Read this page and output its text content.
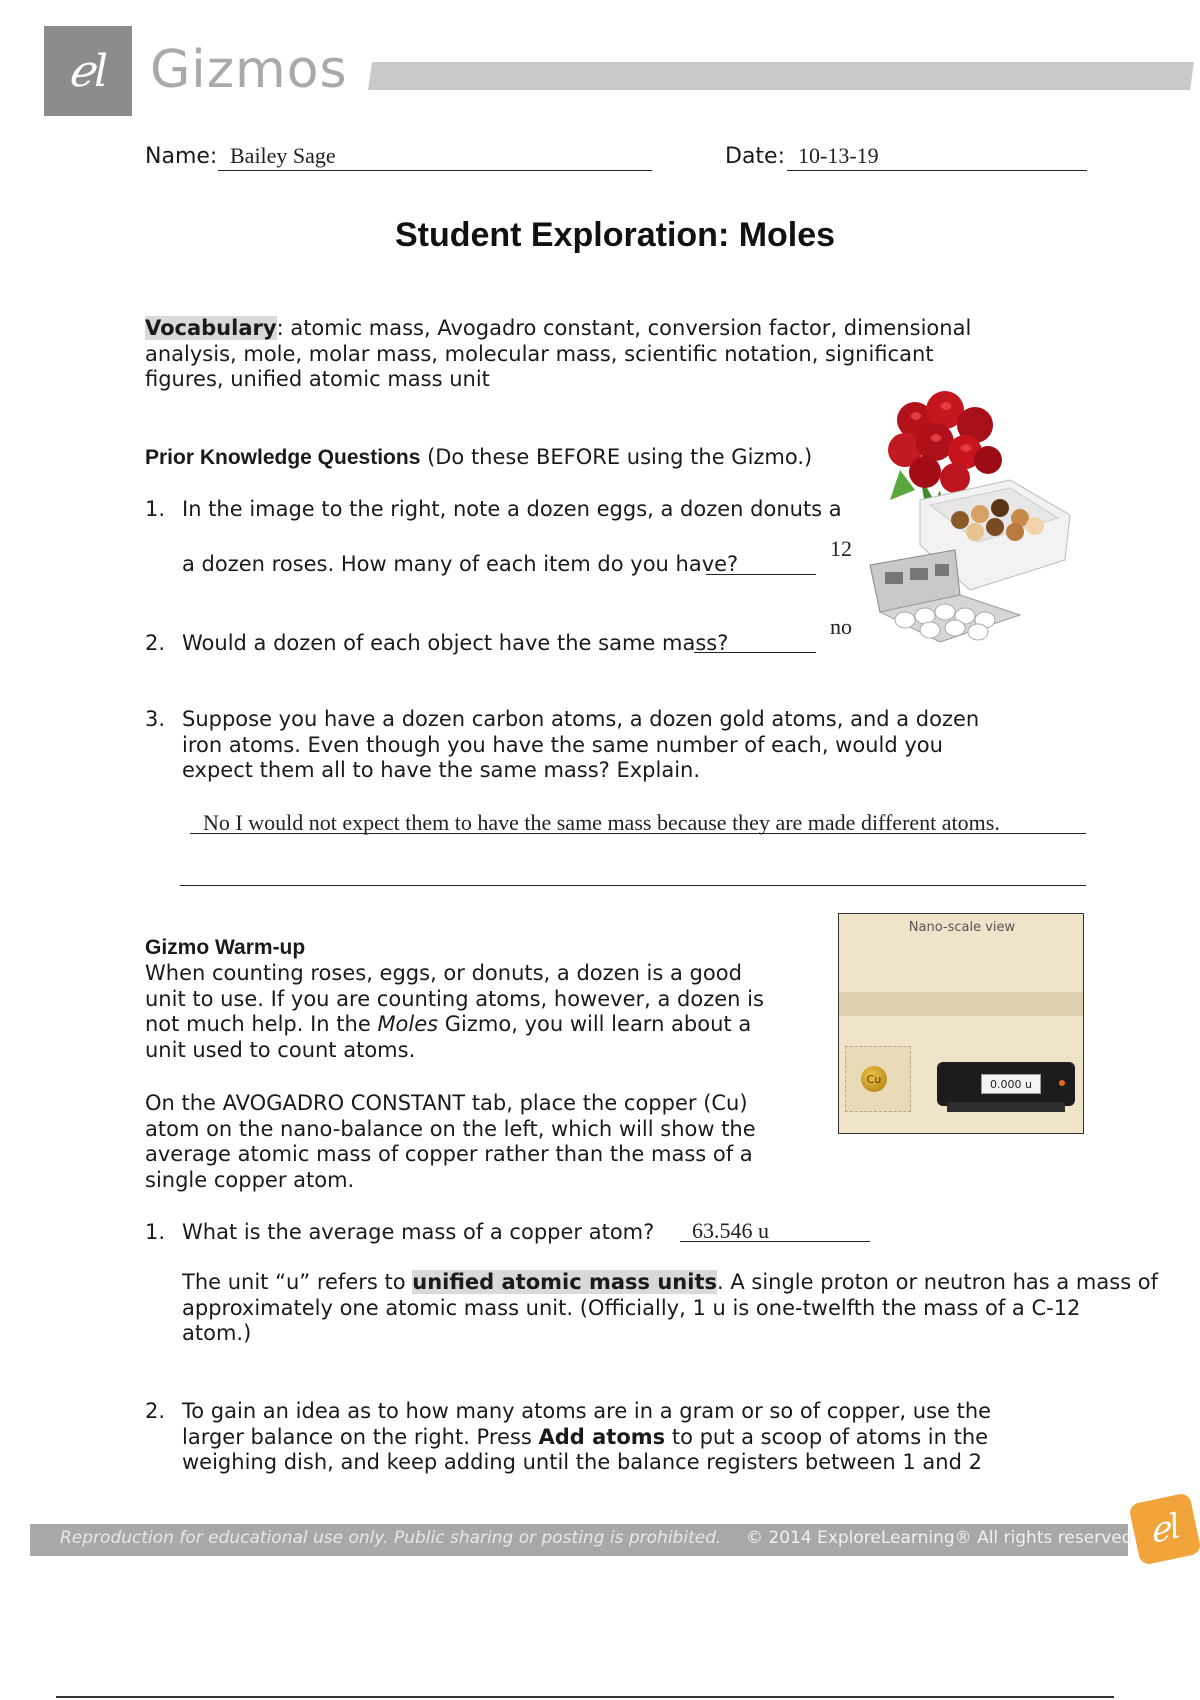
ℯl Gizmos
Name: Bailey Sage	Date: 10-13-19
Student Exploration: Moles
Vocabulary: atomic mass, Avogadro constant, conversion factor, dimensional
analysis, mole, molar mass, molecular mass, scientific notation, significant
figures, unified atomic mass unit
Prior Knowledge Questions (Do these BEFORE using the Gizmo.)
1. In the image to the right, note a dozen eggs, a dozen donuts a
a dozen roses. How many of each item do you have?
12
2. Would a dozen of each object have the same mass?
no
3. Suppose you have a dozen carbon atoms, a dozen gold atoms, and a dozen
iron atoms. Even though you have the same number of each, would you
expect them all to have the same mass? Explain.
No I would not expect them to have the same mass because they are made different atoms.
Gizmo Warm-up
When counting roses, eggs, or donuts, a dozen is a good
unit to use. If you are counting atoms, however, a dozen is
not much help. In the Moles Gizmo, you will learn about a
unit used to count atoms.
On the AVOGADRO CONSTANT tab, place the copper (Cu)
atom on the nano-balance on the left, which will show the
average atomic mass of copper rather than the mass of a
single copper atom.
Nano-scale view
Cu	0.000 u
1. What is the average mass of a copper atom? 63.546 u
The unit “u” refers to unified atomic mass units. A single proton or neutron has a mass of
approximately one atomic mass unit. (Officially, 1 u is one-twelfth the mass of a C-12
atom.)
2. To gain an idea as to how many atoms are in a gram or so of copper, use the
larger balance on the right. Press Add atoms to put a scoop of atoms in the
weighing dish, and keep adding until the balance registers between 1 and 2
Reproduction for educational use only. Public sharing or posting is prohibited. © 2014 ExploreLearning® All rights reserved ℯl
